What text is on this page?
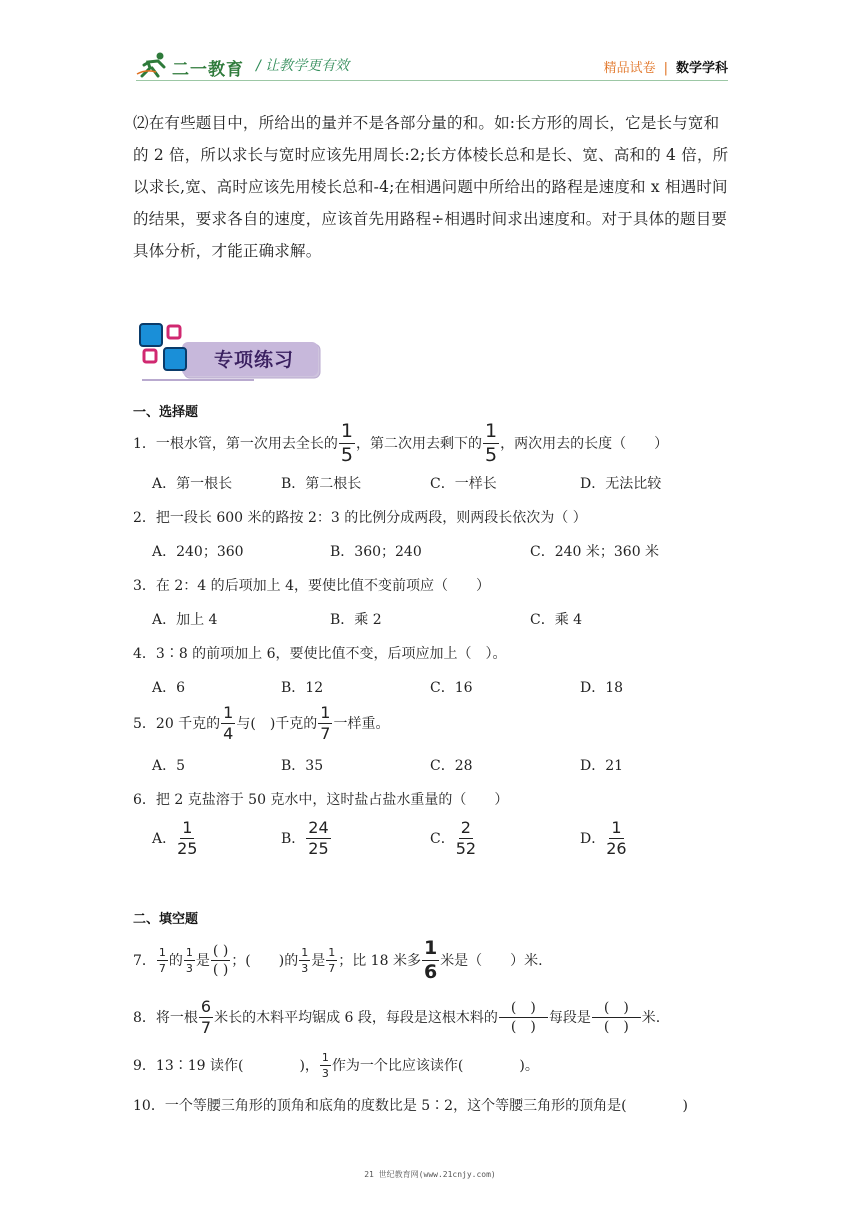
二一教育 / 让教学更有效	精品试卷 | 数学学科
⑵在有些题目中，所给出的量并不是各部分量的和。如:长方形的周长，它是长与宽和的 2 倍，所以求长与宽时应该先用周长:2;长方体棱长总和是长、宽、高和的 4 倍，所以求长,宽、高时应该先用棱长总和-4;在相遇问题中所给出的路程是速度和 x 相遇时间的结果，要求各自的速度，应该首先用路程÷相遇时间求出速度和。对于具体的题目要具体分析，才能正确求解。
专项练习
一、选择题
1．一根水管，第一次用去全长的 $\frac{1}{5}$ ，第二次用去剩下的 $\frac{1}{5}$ ，两次用去的长度（　　）
A．第一根长	B．第二根长	C．一样长	D．无法比较
2．把一段长 600 米的路按 2：3 的比例分成两段，则两段长依次为（ ）
A．240；360	B．360；240	C．240 米；360 米
3．在 2：4 的后项加上 4，要使比值不变前项应（　　）
A．加上 4	B．乘 2	C．乘 4
4．3∶8 的前项加上 6，要使比值不变，后项应加上（　）。
A．6	B．12	C．16	D．18
5．20 千克的 $\frac{1}{4}$ 与(　)千克的 $\frac{1}{7}$ 一样重。
A．5	B．35	C．28	D．21
6．把 2 克盐溶于 50 克水中，这时盐占盐水重量的（　　）
A． $\frac{1}{25}$	B． $\frac{24}{25}$	C． $\frac{2}{52}$	D． $\frac{1}{26}$
二、填空题
7． $\frac{1}{7}$ 的 $\frac{1}{3}$ 是 $\frac{( )}{( )}$ ；(　　)的 $\frac{1}{3}$ 是 $\frac{1}{7}$ ；比 18 米多 $\frac{1}{6}$ 米是（　　）米.
8．将一根 $\frac{6}{7}$ 米长的木料平均锯成 6 段，每段是这根木料的 $\frac{( )}{( )}$ 每段是 $\frac{( )}{( )}$ 米.
9．13∶19 读作(　　　　)， $\frac{1}{3}$ 作为一个比应该读作(　　　　)。
10．一个等腰三角形的顶角和底角的度数比是 5∶2，这个等腰三角形的顶角是(　　　　)
21 世纪教育网(www.21cnjy.com)
